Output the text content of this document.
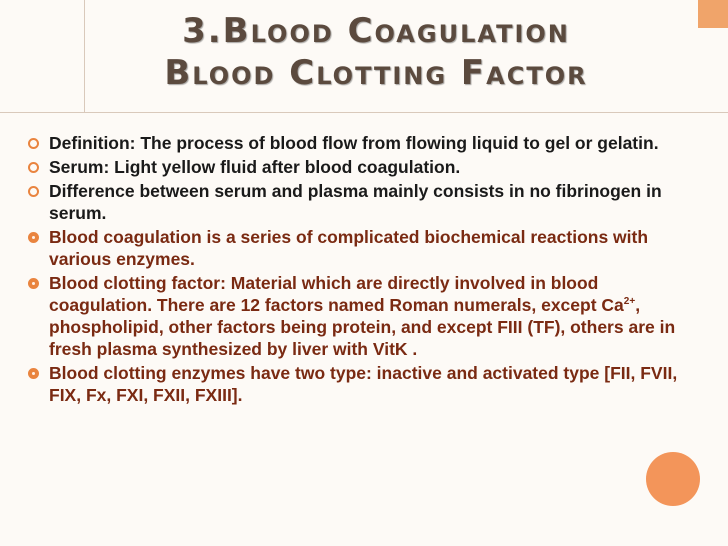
3.Blood Coagulation
Blood Clotting Factor
Definition: The process of blood flow from flowing liquid to gel or gelatin.
Serum: Light yellow fluid after blood coagulation.
Difference between serum and plasma mainly consists in no fibrinogen in serum.
Blood coagulation is a series of complicated biochemical reactions with various enzymes.
Blood clotting factor: Material which are directly involved in blood coagulation. There are 12 factors named Roman numerals, except $Ca^{2+}$, phospholipid, other factors being protein, and except FIII (TF), others are in fresh plasma synthesized by liver with VitK .
Blood clotting enzymes have two type: inactive and activated type [FII, FVII, FIX, Fx, FXI, FXII, FXIII].
